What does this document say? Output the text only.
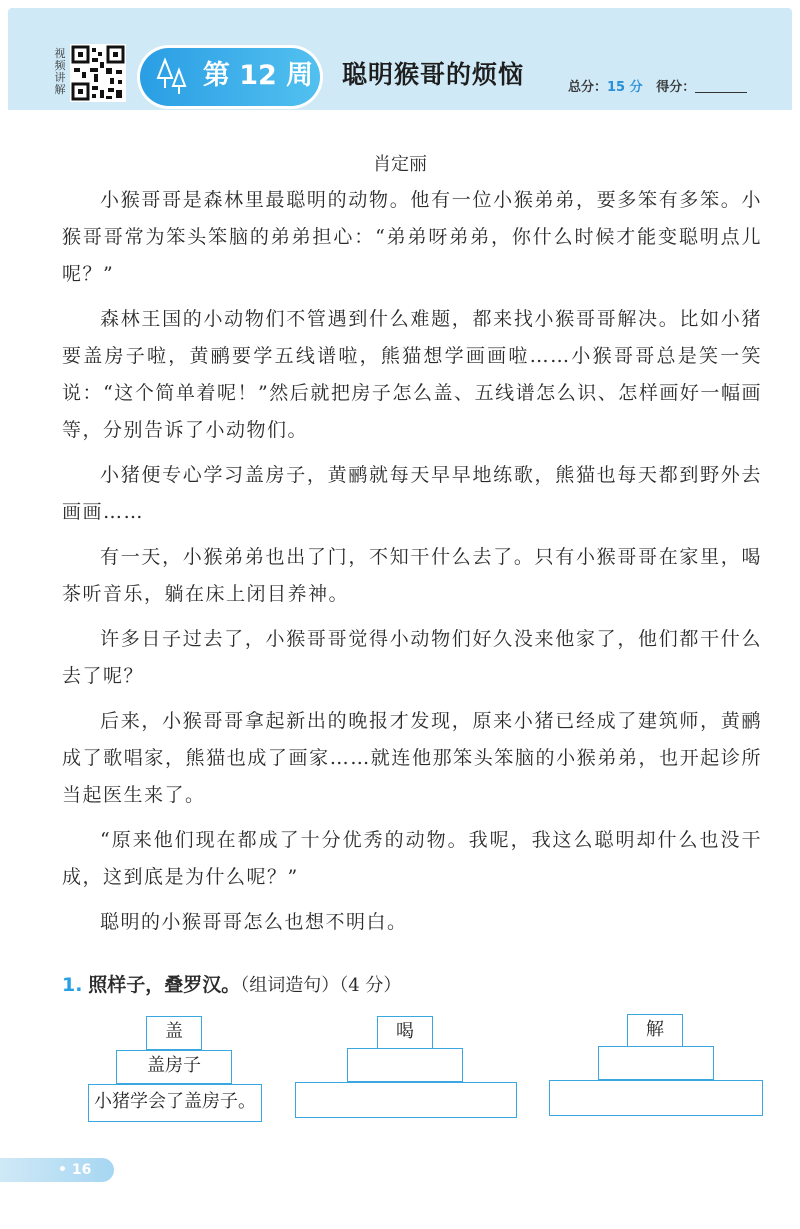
视频讲解	第 12 周 聪明猴哥的烦恼	总分：15 分 得分：
肖定丽

小猴哥哥是森林里最聪明的动物。他有一位小猴弟弟，要多笨有多笨。小猴哥哥常为笨头笨脑的弟弟担心：“弟弟呀弟弟，你什么时候才能变聪明点儿呢？”

森林王国的小动物们不管遇到什么难题，都来找小猴哥哥解决。比如小猪要盖房子啦，黄鹂要学五线谱啦，熊猫想学画画啦……小猴哥哥总是笑一笑说：“这个简单着呢！”然后就把房子怎么盖、五线谱怎么识、怎样画好一幅画等，分别告诉了小动物们。

小猪便专心学习盖房子，黄鹂就每天早早地练歌，熊猫也每天都到野外去画画……

有一天，小猴弟弟也出了门，不知干什么去了。只有小猴哥哥在家里，喝茶听音乐，躺在床上闭目养神。

许多日子过去了，小猴哥哥觉得小动物们好久没来他家了，他们都干什么去了呢？

后来，小猴哥哥拿起新出的晚报才发现，原来小猪已经成了建筑师，黄鹂成了歌唱家，熊猫也成了画家……就连他那笨头笨脑的小猴弟弟，也开起诊所当起医生来了。

“原来他们现在都成了十分优秀的动物。我呢，我这么聪明却什么也没干成，这到底是为什么呢？”

聪明的小猴哥哥怎么也想不明白。

1. 照样子，叠罗汉。（组词造句）（4 分）
盖
盖房子
小猪学会了盖房子。
喝	解
• 16
